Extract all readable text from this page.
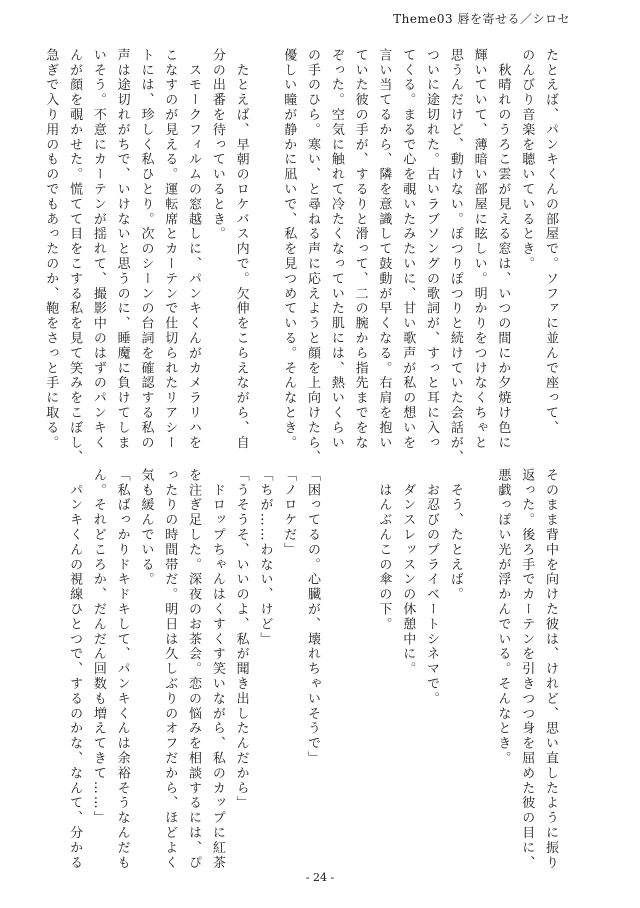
Theme03 唇を寄せる／シロセ
たとえば、パンキくんの部屋で。ソファに並んで座って、
のんびり音楽を聴いているとき。
　秋晴れのうろこ雲が見える窓は、いつの間にか夕焼け色に
輝いていて、薄暗い部屋に眩しい。明かりをつけなくちゃと
思うんだけど、動けない。ぽつりぽつりと続けていた会話が、
ついに途切れた。古いラブソングの歌詞が、すっと耳に入っ
てくる。まるで心を覗いたみたいに、甘い歌声が私の想いを
言い当てるから、隣を意識して鼓動が早くなる。右肩を抱い
ていた彼の手が、するりと滑って、二の腕から指先までをな
ぞった。空気に触れて冷たくなっていた肌には、熱いくらい
の手のひら。寒い、と尋ねる声に応えようと顔を上向けたら、
優しい瞳が静かに凪いで、私を見つめている。そんなとき。

　たとえば、早朝のロケバス内で。欠伸をこらえながら、自
分の出番を待っているとき。
　スモークフィルムの窓越しに、パンキくんがカメラリハを
こなすのが見える。運転席とカーテンで仕切られたリアシー
トには、珍しく私ひとり。次のシーンの台詞を確認する私の
声は途切れがちで、いけないと思うのに、睡魔に負けてしま
いそう。不意にカーテンが揺れて、撮影中のはずのパンキく
んが顔を覗かせた。慌てて目をこする私を見て笑みをこぼし、
急ぎで入り用のものでもあったのか、鞄をさっと手に取る。
そのまま背中を向けた彼は、けれど、思い直したように振り
返った。後ろ手でカーテンを引きつつ身を屈めた彼の目に、
悪戯っぽい光が浮かんでいる。そんなとき。

　そう、たとえば。
　お忍びのプライベートシネマで。
　ダンスレッスンの休憩中に。
　はんぶんこの傘の下。

「困ってるの。心臓が、壊れちゃいそうで」
「ノロケだ」
「ちが……わない、けど」
「うそうそ、いいのよ、私が聞き出したんだから」
　ドロップちゃんはくすくす笑いながら、私のカップに紅茶
を注ぎ足した。深夜のお茶会。恋の悩みを相談するには、ぴ
ったりの時間帯だ。明日は久しぶりのオフだから、ほどよく
気も緩んでいる。
「私ばっかりドキドキして、パンキくんは余裕そうなんだも
ん。それどころか、だんだん回数も増えてきて……」
　パンキくんの視線ひとつで、するのかな、なんて、分かる
- 24 -
